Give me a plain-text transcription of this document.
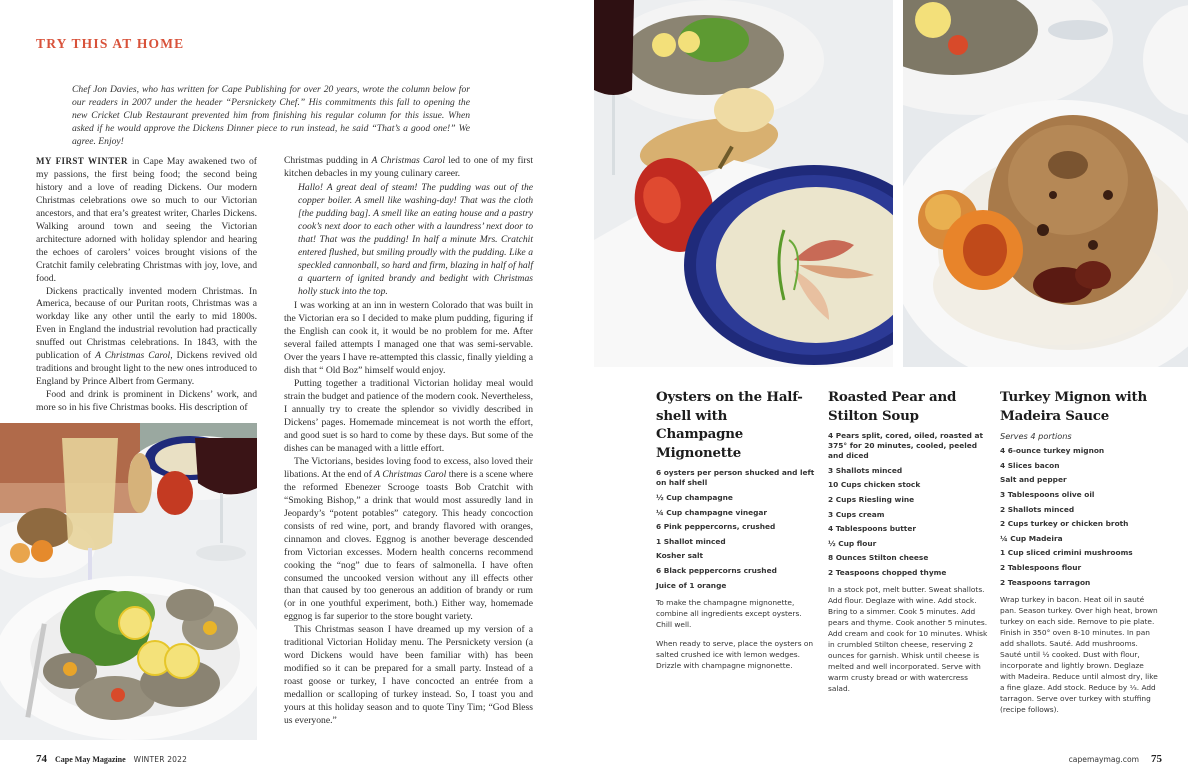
TRY THIS AT HOME

Chef Jon Davies, who has written for Cape Publishing for over 20 years, wrote the column below for our readers in 2007 under the header “Persnickety Chef.” His commitments this fall to opening the new Cricket Club Restaurant prevented him from finishing his regular column for this issue. When asked if he would approve the Dickens Dinner piece to run instead, he said “That’s a good one!” We agree. Enjoy!

MY FIRST WINTER in Cape May awakened two of my passions, the first being food; the second being history and a love of reading Dickens. Our modern Christmas celebrations owe so much to our Victorian ancestors, and that era’s greatest writer, Charles Dickens. Walking around town and seeing the Victorian architecture adorned with holiday splendor and hearing the echoes of carolers’ voices brought visions of the Cratchit family celebrating Christmas with joy, love, and food.

Dickens practically invented modern Christmas. In America, because of our Puritan roots, Christmas was a workday like any other until the early to mid 1800s. Even in England the industrial revolution had practically snuffed out Christmas celebrations. In 1843, with the publication of A Christmas Carol, Dickens revived old traditions and brought light to the new ones introduced to England by Prince Albert from Germany.

Food and drink is prominent in Dickens’ work, and more so in his five Christmas books. His description of

Christmas pudding in A Christmas Carol led to one of my first kitchen debacles in my young culinary career.

Hallo! A great deal of steam! The pudding was out of the copper boiler. A smell like washing-day! That was the cloth [the pudding bag]. A smell like an eating house and a pastry cook’s next door to each other with a laundress’ next door to that! That was the pudding! In half a minute Mrs. Cratchit entered flushed, but smiling proudly with the pudding. Like a speckled cannonball, so hard and firm, blazing in half of half a quartern of ignited brandy and bedight with Christmas holly stuck into the top.

I was working at an inn in western Colorado that was built in the Victorian era so I decided to make plum pudding, figuring if the English can cook it, it would be no problem for me. After several failed attempts I managed one that was semi-servable. Over the years I have re-attempted this classic, finally yielding a dish that “ Old Boz” himself would enjoy.

Putting together a traditional Victorian holiday meal would strain the budget and patience of the modern cook. Nevertheless, I annually try to create the splendor so vividly described in Dickens’ pages. Homemade mincemeat is not worth the effort, and good suet is so hard to come by these days. But some of the dishes can be managed with a little effort.

The Victorians, besides loving food to excess, also loved their libations. At the end of A Christmas Carol there is a scene where the reformed Ebenezer Scrooge toasts Bob Cratchit with “Smoking Bishop,” a drink that would most assuredly land in Jeopardy’s “potent potables” category. This heady concoction consists of red wine, port, and brandy flavored with oranges, cinnamon and cloves. Eggnog is another beverage descended from Victorian excesses. Modern health concerns recommend cooking the “nog” due to fears of salmonella. I have often consumed the uncooked version without any ill effects other than that caused by too generous an addition of brandy or rum (or in one youthful experiment, both.) Either way, homemade eggnog is far superior to the store bought variety.

This Christmas season I have dreamed up my version of a traditional Victorian Holiday menu. The Persnickety version (a word Dickens would have been familiar with) has been modified so it can be prepared for a small party. Instead of a roast goose or turkey, I have concocted an entrée from a medallion or scalloping of turkey instead. So, I toast you and yours at this holiday season and to quote Tiny Tim; “God Bless us everyone.”

74 Cape May Magazine WINTER 2022
Oysters on the Half-shell with Champagne Mignonette
6 oysters per person shucked and left on half shell
½ Cup champagne
¼ Cup champagne vinegar
6 Pink peppercorns, crushed
1 Shallot minced
Kosher salt
6 Black peppercorns crushed
Juice of 1 orange

To make the champagne mignonette, combine all ingredients except oysters. Chill well.

When ready to serve, place the oysters on salted crushed ice with lemon wedges. Drizzle with champagne mignonette.

Roasted Pear and Stilton Soup
4 Pears split, cored, oiled, roasted at 375° for 20 minutes, cooled, peeled and diced
3 Shallots minced
10 Cups chicken stock
2 Cups Riesling wine
3 Cups cream
4 Tablespoons butter
½ Cup flour
8 Ounces Stilton cheese
2 Teaspoons chopped thyme

In a stock pot, melt butter. Sweat shallots. Add flour. Deglaze with wine. Add stock. Bring to a simmer. Cook 5 minutes. Add pears and thyme. Cook another 5 minutes. Add cream and cook for 10 minutes. Whisk in crumbled Stilton cheese, reserving 2 ounces for garnish. Whisk until cheese is melted and well incorporated. Serve with warm crusty bread or with watercress salad.

Turkey Mignon with Madeira Sauce
Serves 4 portions
4 6-ounce turkey mignon
4 Slices bacon
Salt and pepper
3 Tablespoons olive oil
2 Shallots minced
2 Cups turkey or chicken broth
¼ Cup Madeira
1 Cup sliced crimini mushrooms
2 Tablespoons flour
2 Teaspoons tarragon

Wrap turkey in bacon. Heat oil in sauté pan. Season turkey. Over high heat, brown turkey on each side. Remove to pie plate. Finish in 350° oven 8-10 minutes. In pan add shallots. Sauté. Add mushrooms. Sauté until ½ cooked. Dust with flour, incorporate and lightly brown. Deglaze with Madeira. Reduce until almost dry, like a fine glaze. Add stock. Reduce by ⅓. Add tarragon. Serve over turkey with stuffing (recipe follows).

capemaymag.com 75
